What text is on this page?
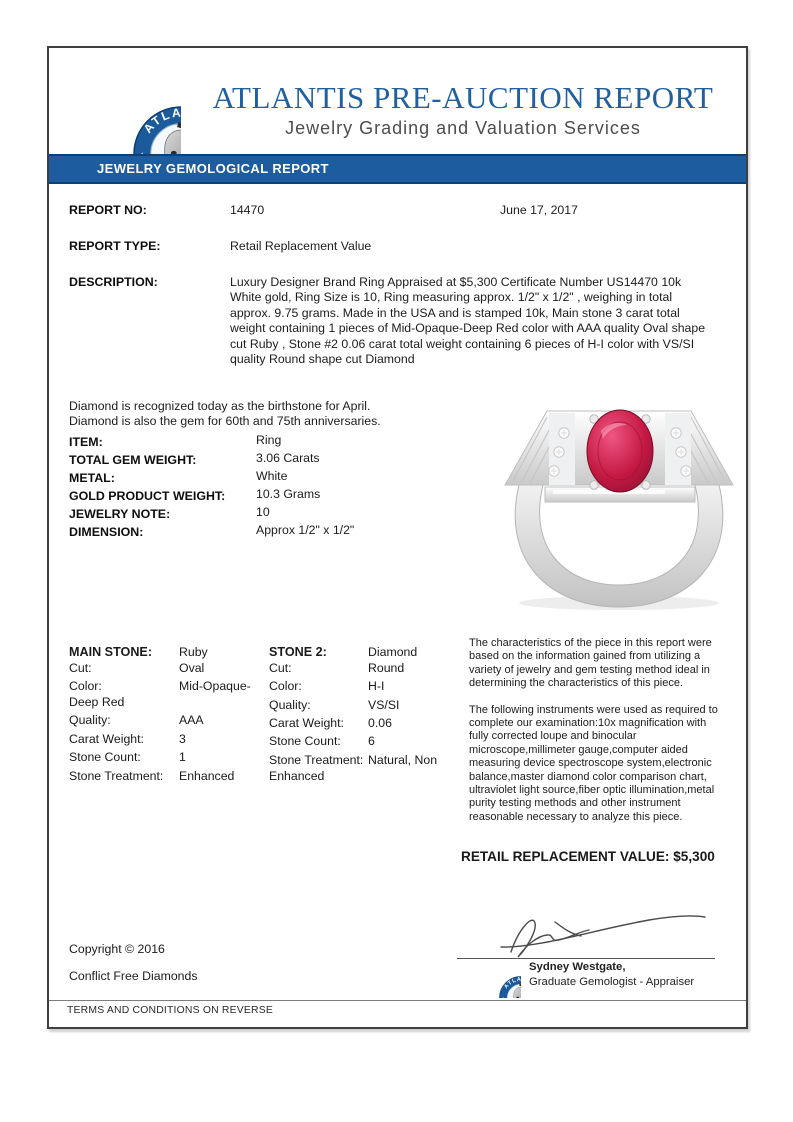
ATLANTIS PRE-AUCTION REPORT
Jewelry Grading and Valuation Services
JEWELRY GEMOLOGICAL REPORT
REPORT NO:	14470	June 17, 2017
REPORT TYPE:	Retail Replacement Value
DESCRIPTION:	Luxury Designer Brand Ring Appraised at $5,300 Certificate Number US14470 10k White gold, Ring Size is 10, Ring measuring approx. 1/2" x 1/2" , weighing in total approx. 9.75 grams. Made in the USA and is stamped 10k, Main stone 3 carat total weight containing 1 pieces of Mid-Opaque-Deep Red color with AAA quality Oval shape cut Ruby , Stone #2 0.06 carat total weight containing 6 pieces of H-I color with VS/SI quality Round shape cut Diamond
Diamond is recognized today as the birthstone for April.
Diamond is also the gem for 60th and 75th anniversaries.
ITEM:	Ring
TOTAL GEM WEIGHT:	3.06 Carats
METAL:	White
GOLD PRODUCT WEIGHT:	10.3 Grams
JEWELRY NOTE:	10
DIMENSION:	Approx 1/2" x 1/2"
MAIN STONE: Ruby
Cut:	Oval
Color:	Mid-Opaque-Deep Red
Quality:	AAA
Carat Weight:	3
Stone Count:	1
Stone Treatment: Enhanced
STONE 2:	Diamond
Cut:	Round
Color:	H-I
Quality:	VS/SI
Carat Weight: 0.06
Stone Count: 6
Stone Treatment: Natural, Non Enhanced

The characteristics of the piece in this report were based on the information gained from utilizing a variety of jewelry and gem testing method ideal in determining the characteristics of this piece.

The following instruments were used as required to complete our examination:10x magnification with fully corrected loupe and binocular microscope,millimeter gauge,computer aided measuring device spectroscope system,electronic balance,master diamond color comparison chart, ultraviolet light source,fiber optic illumination,metal purity testing methods and other instrument reasonable necessary to analyze this piece.

RETAIL REPLACEMENT VALUE: $5,300
Copyright © 2016
Conflict Free Diamonds
Sydney Westgate,
Graduate Gemologist - Appraiser
TERMS AND CONDITIONS ON REVERSE
